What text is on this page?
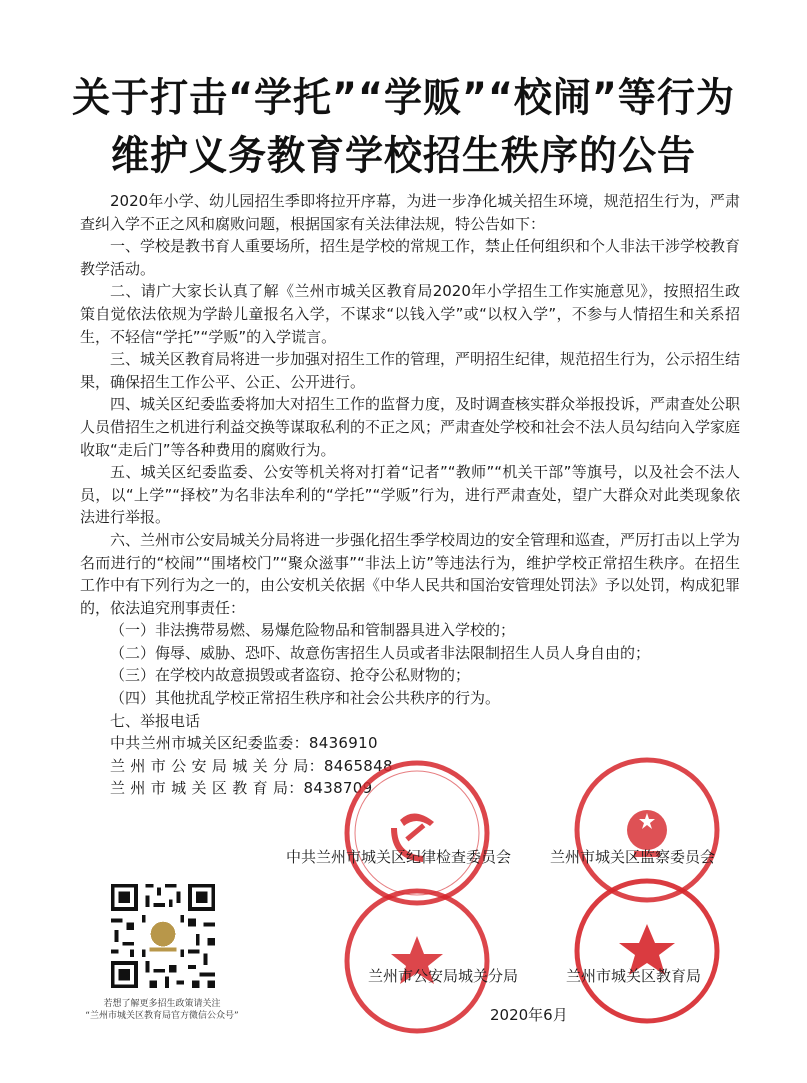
关于打击“学托”“学贩”“校闹”等行为
维护义务教育学校招生秩序的公告

2020年小学、幼儿园招生季即将拉开序幕，为进一步净化城关招生环境，规范招生行为，严肃查纠入学不正之风和腐败问题，根据国家有关法律法规，特公告如下：

一、学校是教书育人重要场所，招生是学校的常规工作，禁止任何组织和个人非法干涉学校教育教学活动。

二、请广大家长认真了解《兰州市城关区教育局2020年小学招生工作实施意见》，按照招生政策自觉依法依规为学龄儿童报名入学，不谋求“以钱入学”或“以权入学”，不参与人情招生和关系招生，不轻信“学托”“学贩”的入学谎言。

三、城关区教育局将进一步加强对招生工作的管理，严明招生纪律，规范招生行为，公示招生结果，确保招生工作公平、公正、公开进行。

四、城关区纪委监委将加大对招生工作的监督力度，及时调查核实群众举报投诉，严肃查处公职人员借招生之机进行利益交换等谋取私利的不正之风；严肃查处学校和社会不法人员勾结向入学家庭收取“走后门”等各种费用的腐败行为。

五、城关区纪委监委、公安等机关将对打着“记者”“教师”“机关干部”等旗号，以及社会不法人员，以“上学”“择校”为名非法牟利的“学托”“学贩”行为，进行严肃查处，望广大群众对此类现象依法进行举报。

六、兰州市公安局城关分局将进一步强化招生季学校周边的安全管理和巡查，严厉打击以上学为名而进行的“校闹”“围堵校门”“聚众滋事”“非法上访”等违法行为，维护学校正常招生秩序。在招生工作中有下列行为之一的，由公安机关依据《中华人民共和国治安管理处罚法》予以处罚，构成犯罪的，依法追究刑事责任：

（一）非法携带易燃、易爆危险物品和管制器具进入学校的；

（二）侮辱、威胁、恐吓、故意伤害招生人员或者非法限制招生人员人身自由的；

（三）在学校内故意损毁或者盗窃、抢夺公私财物的；

（四）其他扰乱学校正常招生秩序和社会公共秩序的行为。

七、举报电话

中共兰州市城关区纪委监委：8436910

兰 州 市 公 安 局 城 关 分 局：8465848

兰 州 市 城 关 区 教 育 局：8438709

中共兰州市城关区纪律检查委员会	兰州市城关区监察委员会
兰州市公安局城关分局	兰州市城关区教育局
若想了解更多招生政策请关注
“兰州市城关区教育局官方微信公众号”	2020年6月
